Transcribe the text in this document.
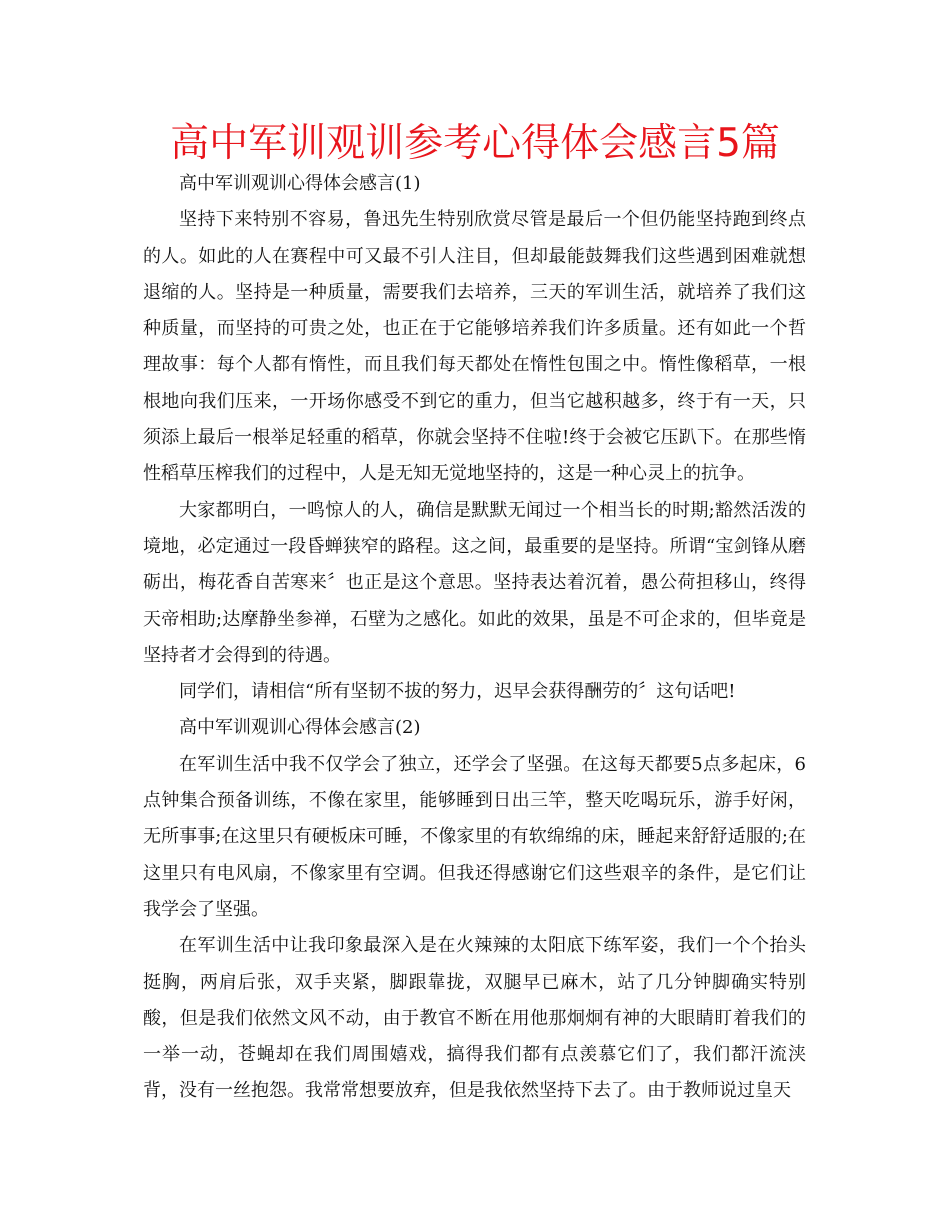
高中军训观训参考心得体会感言5篇

高中军训观训心得体会感言(1)

坚持下来特别不容易，鲁迅先生特别欣赏尽管是最后一个但仍能坚持跑到终点的人。如此的人在赛程中可又最不引人注目，但却最能鼓舞我们这些遇到困难就想退缩的人。坚持是一种质量，需要我们去培养，三天的军训生活，就培养了我们这种质量，而坚持的可贵之处，也正在于它能够培养我们许多质量。还有如此一个哲理故事：每个人都有惰性，而且我们每天都处在惰性包围之中。惰性像稻草，一根根地向我们压来，一开场你感受不到它的重力，但当它越积越多，终于有一天，只须添上最后一根举足轻重的稻草，你就会坚持不住啦!终于会被它压趴下。在那些惰性稻草压榨我们的过程中，人是无知无觉地坚持的，这是一种心灵上的抗争。

大家都明白，一鸣惊人的人，确信是默默无闻过一个相当长的时期;豁然活泼的境地，必定通过一段昏蝉狭窄的路程。这之间，最重要的是坚持。所谓“宝剑锋从磨砺出，梅花香自苦寒来〞也正是这个意思。坚持表达着沉着，愚公荷担移山，终得天帝相助;达摩静坐参禅，石壁为之感化。如此的效果，虽是不可企求的，但毕竟是坚持者才会得到的待遇。

同学们，请相信“所有坚韧不拔的努力，迟早会获得酬劳的〞这句话吧!

高中军训观训心得体会感言(2)

在军训生活中我不仅学会了独立，还学会了坚强。在这每天都要5点多起床，6点钟集合预备训练，不像在家里，能够睡到日出三竿，整天吃喝玩乐，游手好闲，无所事事;在这里只有硬板床可睡，不像家里的有软绵绵的床，睡起来舒舒适服的;在这里只有电风扇，不像家里有空调。但我还得感谢它们这些艰辛的条件，是它们让我学会了坚强。

在军训生活中让我印象最深入是在火辣辣的太阳底下练军姿，我们一个个抬头挺胸，两肩后张，双手夹紧，脚跟靠拢，双腿早已麻木，站了几分钟脚确实特别酸，但是我们依然文风不动，由于教官不断在用他那炯炯有神的大眼睛盯着我们的一举一动，苍蝇却在我们周围嬉戏，搞得我们都有点羡慕它们了，我们都汗流浃背，没有一丝抱怨。我常常想要放弃，但是我依然坚持下去了。由于教师说过皇天
